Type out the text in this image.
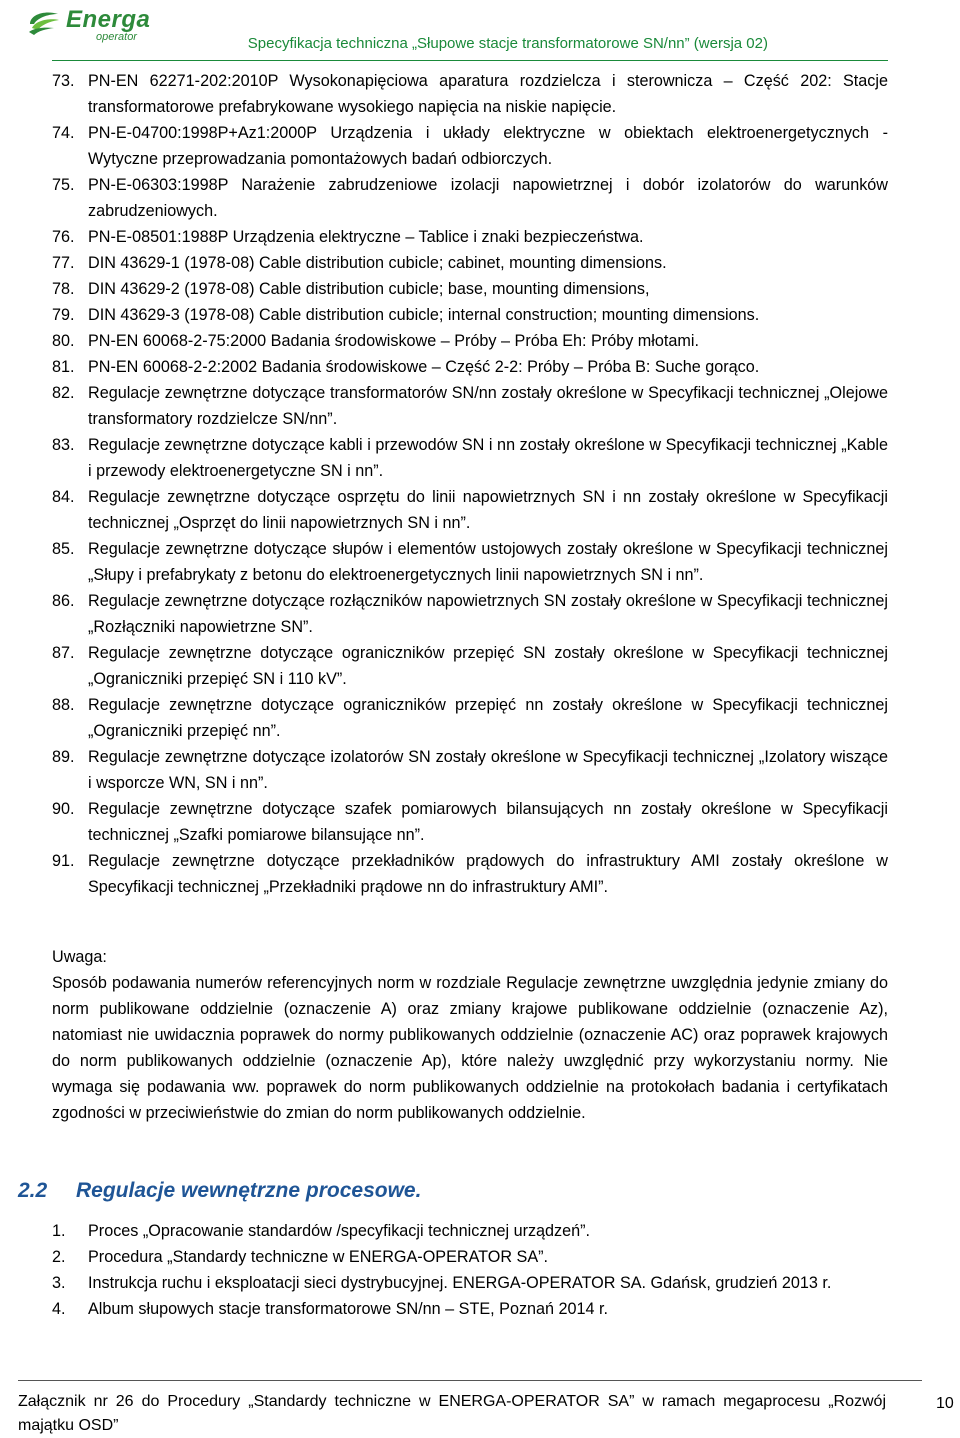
Energa
operator	Specyfikacja techniczna „Słupowe stacje transformatorowe SN/nn” (wersja 02)
73. PN-EN 62271-202:2010P Wysokonapięciowa aparatura rozdzielcza i sterownicza – Część 202: Stacje transformatorowe prefabrykowane wysokiego napięcia na niskie napięcie.
74. PN-E-04700:1998P+Az1:2000P Urządzenia i układy elektryczne w obiektach elektroenergetycznych - Wytyczne przeprowadzania pomontażowych badań odbiorczych.
75. PN-E-06303:1998P Narażenie zabrudzeniowe izolacji napowietrznej i dobór izolatorów do warunków zabrudzeniowych.
76. PN-E-08501:1988P Urządzenia elektryczne – Tablice i znaki bezpieczeństwa.
77. DIN 43629-1 (1978-08) Cable distribution cubicle; cabinet, mounting dimensions.
78. DIN 43629-2 (1978-08) Cable distribution cubicle; base, mounting dimensions,
79. DIN 43629-3 (1978-08) Cable distribution cubicle; internal construction; mounting dimensions.
80. PN-EN 60068-2-75:2000 Badania środowiskowe – Próby – Próba Eh: Próby młotami.
81. PN-EN 60068-2-2:2002 Badania środowiskowe – Część 2-2: Próby – Próba B: Suche gorąco.
82. Regulacje zewnętrzne dotyczące transformatorów SN/nn zostały określone w Specyfikacji technicznej „Olejowe transformatory rozdzielcze SN/nn”.
83. Regulacje zewnętrzne dotyczące kabli i przewodów SN i nn zostały określone w Specyfikacji technicznej „Kable i przewody elektroenergetyczne SN i nn”.
84. Regulacje zewnętrzne dotyczące osprzętu do linii napowietrznych SN i nn zostały określone w Specyfikacji technicznej „Osprzęt do linii napowietrznych SN i nn”.
85. Regulacje zewnętrzne dotyczące słupów i elementów ustojowych zostały określone w Specyfikacji technicznej „Słupy i prefabrykaty z betonu do elektroenergetycznych linii napowietrznych SN i nn”.
86. Regulacje zewnętrzne dotyczące rozłączników napowietrznych SN zostały określone w Specyfikacji technicznej „Rozłączniki napowietrzne SN”.
87. Regulacje zewnętrzne dotyczące ograniczników przepięć SN zostały określone w Specyfikacji technicznej „Ograniczniki przepięć SN i 110 kV”.
88. Regulacje zewnętrzne dotyczące ograniczników przepięć nn zostały określone w Specyfikacji technicznej „Ograniczniki przepięć nn”.
89. Regulacje zewnętrzne dotyczące izolatorów SN zostały określone w Specyfikacji technicznej „Izolatory wiszące i wsporcze WN, SN i nn”.
90. Regulacje zewnętrzne dotyczące szafek pomiarowych bilansujących nn zostały określone w Specyfikacji technicznej „Szafki pomiarowe bilansujące nn”.
91. Regulacje zewnętrzne dotyczące przekładników prądowych do infrastruktury AMI zostały określone w Specyfikacji technicznej „Przekładniki prądowe nn do infrastruktury AMI”.
Uwaga:
Sposób podawania numerów referencyjnych norm w rozdziale Regulacje zewnętrzne uwzględnia jedynie zmiany do norm publikowane oddzielnie (oznaczenie A) oraz zmiany krajowe publikowane oddzielnie (oznaczenie Az), natomiast nie uwidacznia poprawek do normy publikowanych oddzielnie (oznaczenie AC) oraz poprawek krajowych do norm publikowanych oddzielnie (oznaczenie Ap), które należy uwzględnić przy wykorzystaniu normy. Nie wymaga się podawania ww. poprawek do norm publikowanych oddzielnie na protokołach badania i certyfikatach zgodności w przeciwieństwie do zmian do norm publikowanych oddzielnie.
2.2 Regulacje wewnętrzne procesowe.
1. Proces „Opracowanie standardów /specyfikacji technicznej urządzeń”.
2. Procedura „Standardy techniczne w ENERGA-OPERATOR SA”.
3. Instrukcja ruchu i eksploatacji sieci dystrybucyjnej. ENERGA-OPERATOR SA. Gdańsk, grudzień 2013 r.
4. Album słupowych stacje transformatorowe SN/nn – STE, Poznań 2014 r.
Załącznik nr 26 do Procedury „Standardy techniczne w ENERGA-OPERATOR SA” w ramach megaprocesu „Rozwój majątku OSD”
10
